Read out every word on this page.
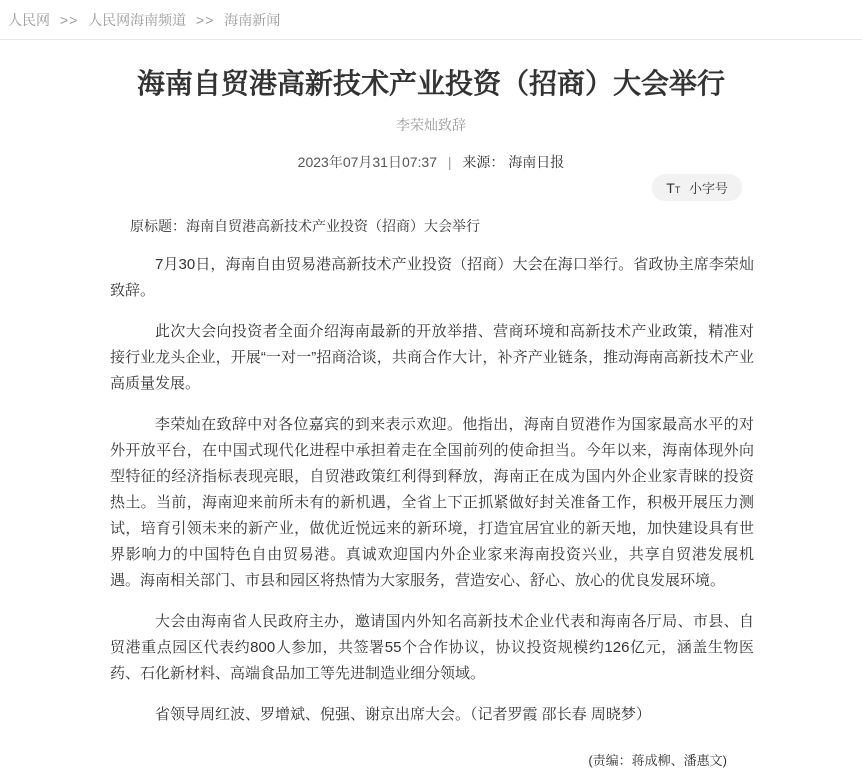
人民网 >> 人民网海南频道 >> 海南新闻
海南自贸港高新技术产业投资（招商）大会举行

李荣灿致辞

2023年07月31日07:37 | 来源： 海南日报
TT 小字号

原标题：海南自贸港高新技术产业投资（招商）大会举行

7月30日，海南自由贸易港高新技术产业投资（招商）大会在海口举行。省政协主席李荣灿致辞。

此次大会向投资者全面介绍海南最新的开放举措、营商环境和高新技术产业政策，精准对接行业龙头企业，开展“一对一”招商洽谈，共商合作大计，补齐产业链条，推动海南高新技术产业高质量发展。

李荣灿在致辞中对各位嘉宾的到来表示欢迎。他指出，海南自贸港作为国家最高水平的对外开放平台，在中国式现代化进程中承担着走在全国前列的使命担当。今年以来，海南体现外向型特征的经济指标表现亮眼，自贸港政策红利得到释放，海南正在成为国内外企业家青睐的投资热土。当前，海南迎来前所未有的新机遇，全省上下正抓紧做好封关准备工作，积极开展压力测试，培育引领未来的新产业，做优近悦远来的新环境，打造宜居宜业的新天地，加快建设具有世界影响力的中国特色自由贸易港。真诚欢迎国内外企业家来海南投资兴业，共享自贸港发展机遇。海南相关部门、市县和园区将热情为大家服务，营造安心、舒心、放心的优良发展环境。

大会由海南省人民政府主办，邀请国内外知名高新技术企业代表和海南各厅局、市县、自贸港重点园区代表约800人参加，共签署55个合作协议，协议投资规模约126亿元，涵盖生物医药、石化新材料、高端食品加工等先进制造业细分领域。

省领导周红波、罗增斌、倪强、谢京出席大会。（记者罗霞 邵长春 周晓梦）

(责编：蒋成柳、潘惠文)
